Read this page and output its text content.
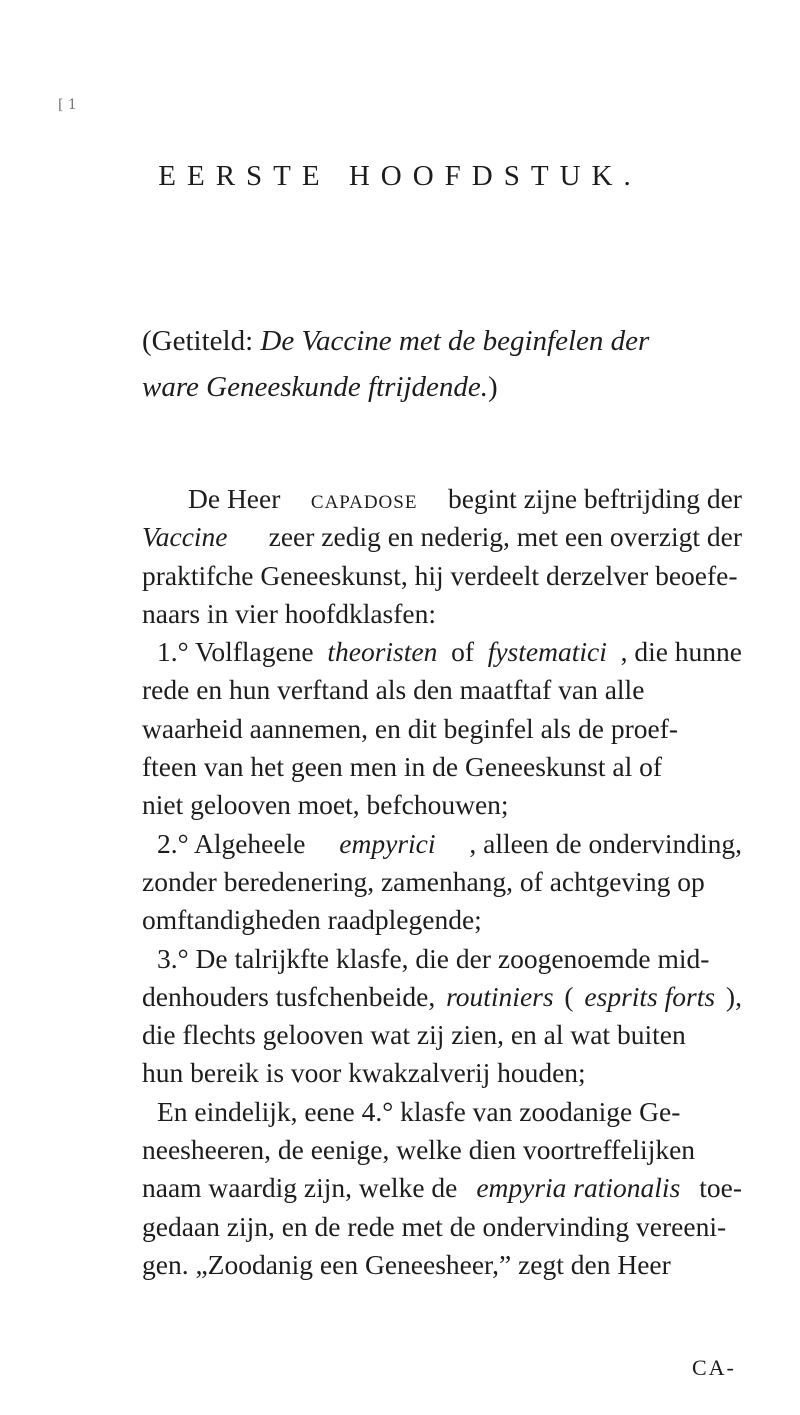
[ 1
EERSTE HOOFDSTUK.
(Getiteld: De Vaccine met de beginfelen der
ware Geneeskunde ftrijdende.)
De Heer capadose begint zijne beftrijding der
Vaccine zeer zedig en nederig, met een overzigt der
praktifche Geneeskunst, hij verdeelt derzelver beoefe-
naars in vier hoofdklasfen:
1.° Volflagene theoristen of fystematici , die hunne
rede en hun verftand als den maatftaf van alle
waarheid aannemen, en dit beginfel als de proef-
fteen van het geen men in de Geneeskunst al of
niet gelooven moet, befchouwen;
2.° Algeheele empyrici , alleen de ondervinding,
zonder beredenering, zamenhang, of achtgeving op
omftandigheden raadplegende;
3.° De talrijkfte klasfe, die der zoogenoemde mid-
denhouders tusfchenbeide, routiniers ( esprits forts ),
die flechts gelooven wat zij zien, en al wat buiten
hun bereik is voor kwakzalverij houden;
En eindelijk, eene 4.° klasfe van zoodanige Ge-
neesheeren, de eenige, welke dien voortreffelijken
naam waardig zijn, welke de empyria rationalis toe-
gedaan zijn, en de rede met de ondervinding vereeni-
gen. „Zoodanig een Geneesheer,” zegt den Heer
CA-
